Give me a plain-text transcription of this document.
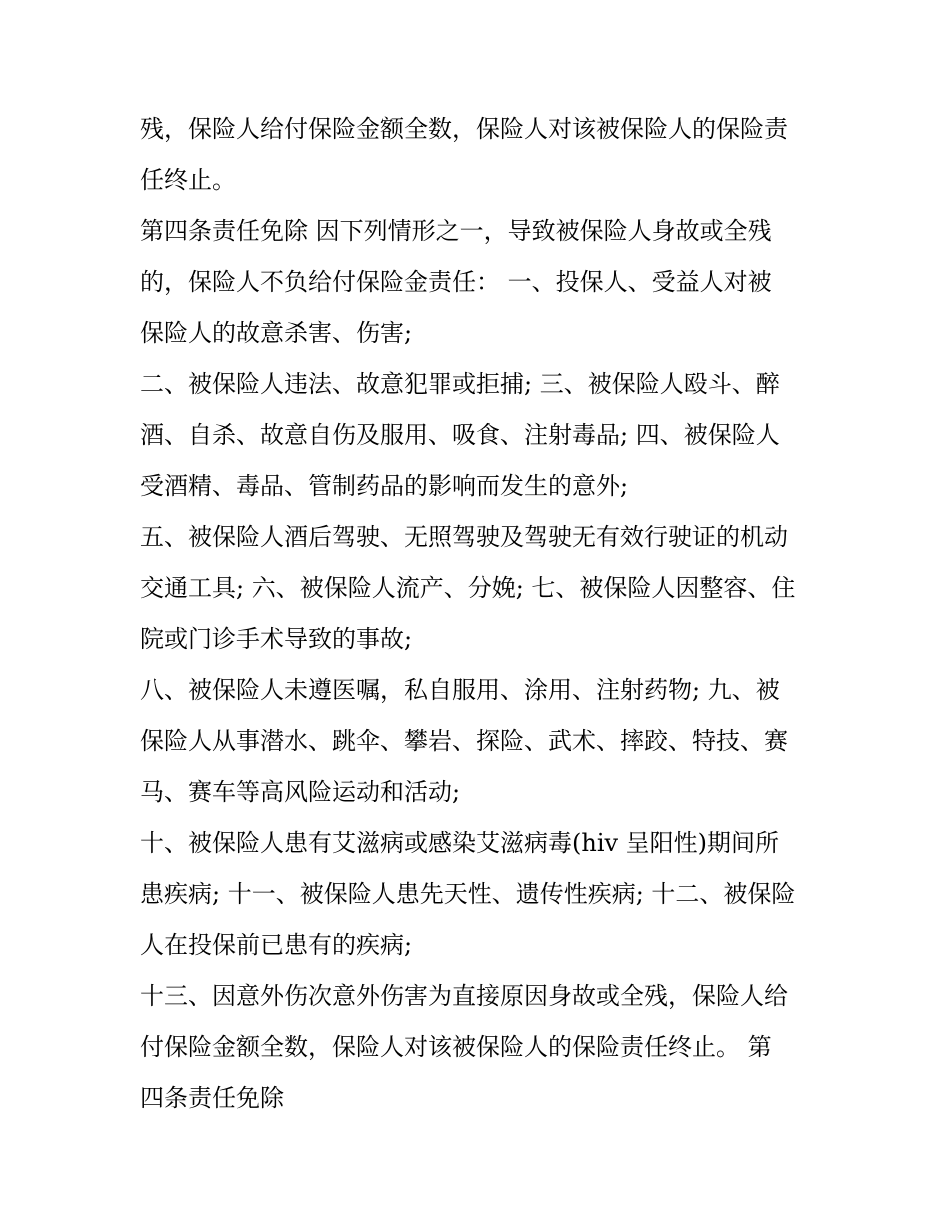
残，保险人给付保险金额全数，保险人对该被保险人的保险责
任终止。

第四条责任免除 因下列情形之一，导致被保险人身故或全残
的，保险人不负给付保险金责任： 一、投保人、受益人对被
保险人的故意杀害、伤害;

二、被保险人违法、故意犯罪或拒捕; 三、被保险人殴斗、醉
酒、自杀、故意自伤及服用、吸食、注射毒品; 四、被保险人
受酒精、毒品、管制药品的影响而发生的意外;

五、被保险人酒后驾驶、无照驾驶及驾驶无有效行驶证的机动
交通工具; 六、被保险人流产、分娩; 七、被保险人因整容、住
院或门诊手术导致的事故;

八、被保险人未遵医嘱，私自服用、涂用、注射药物; 九、被
保险人从事潜水、跳伞、攀岩、探险、武术、摔跤、特技、赛
马、赛车等高风险运动和活动;

十、被保险人患有艾滋病或感染艾滋病毒(hiv 呈阳性)期间所
患疾病; 十一、被保险人患先天性、遗传性疾病; 十二、被保险
人在投保前已患有的疾病;

十三、因意外伤次意外伤害为直接原因身故或全残，保险人给
付保险金额全数，保险人对该被保险人的保险责任终止。 第
四条责任免除
